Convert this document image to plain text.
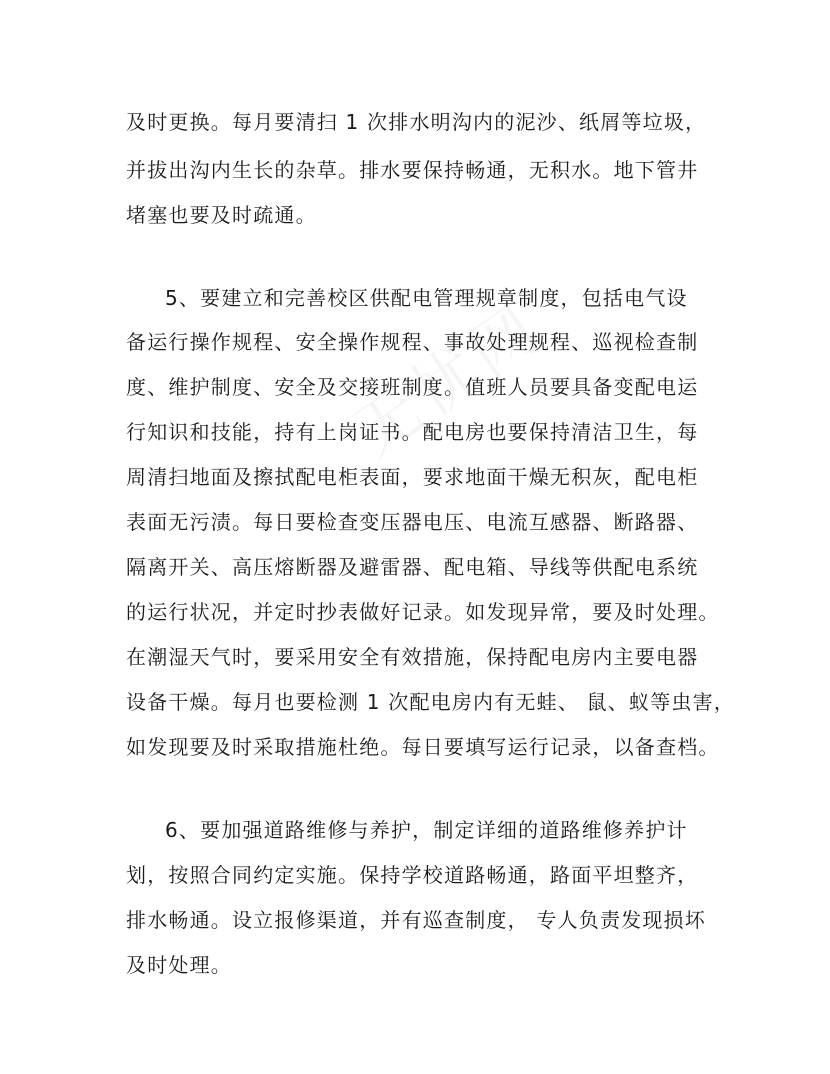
及时更换。每月要清扫 1 次排水明沟内的泥沙、纸屑等垃圾，
并拔出沟内生长的杂草。排水要保持畅通，无积水。地下管井
堵塞也要及时疏通。
5、要建立和完善校区供配电管理规章制度，包括电气设
备运行操作规程、安全操作规程、事故处理规程、巡视检查制
度、维护制度、安全及交接班制度。值班人员要具备变配电运
行知识和技能，持有上岗证书。配电房也要保持清洁卫生，每
周清扫地面及擦拭配电柜表面，要求地面干燥无积灰，配电柜
表面无污渍。每日要检查变压器电压、电流互感器、断路器、
隔离开关、高压熔断器及避雷器、配电箱、导线等供配电系统
的运行状况，并定时抄表做好记录。如发现异常，要及时处理。
在潮湿天气时，要采用安全有效措施，保持配电房内主要电器
设备干燥。每月也要检测 1 次配电房内有无蛙、 鼠、蚁等虫害，
如发现要及时采取措施杜绝。每日要填写运行记录，以备查档。
6、要加强道路维修与养护，制定详细的道路维修养护计
划，按照合同约定实施。保持学校道路畅通，路面平坦整齐，
排水畅通。设立报修渠道，并有巡查制度， 专人负责发现损坏
及时处理。
